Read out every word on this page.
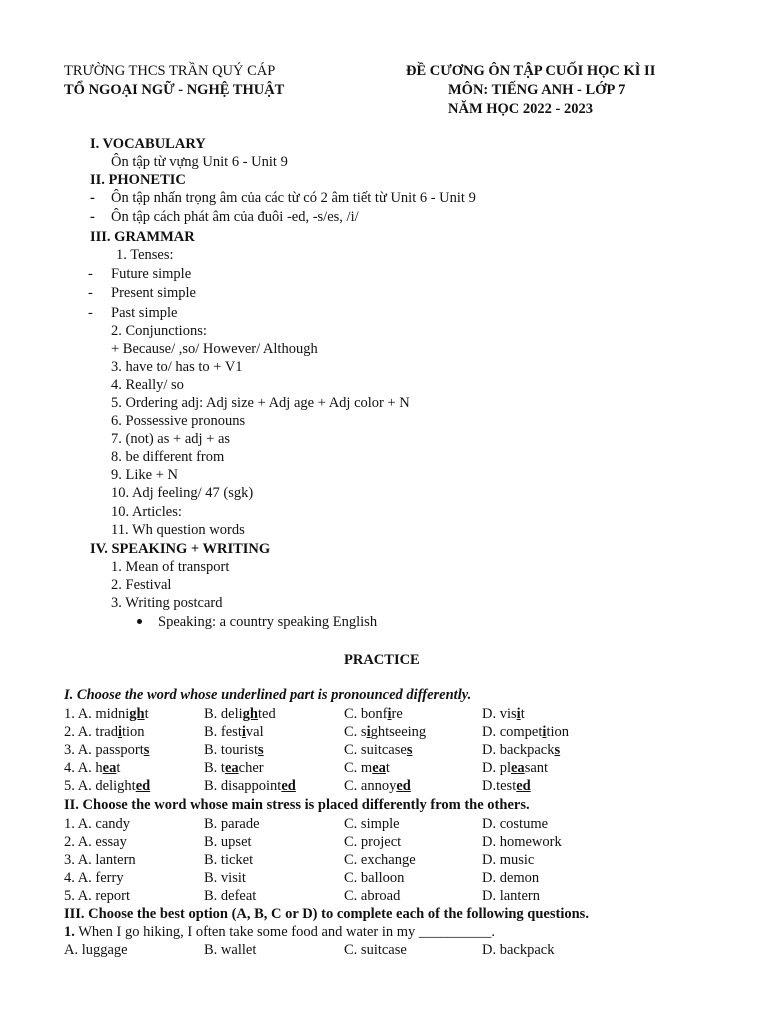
TRƯỜNG THCS TRẦN QUÝ CÁP
TỔ NGOẠI NGỮ - NGHỆ THUẬT
ĐỀ CƯƠNG ÔN TẬP CUỐI HỌC KÌ II
MÔN: TIẾNG ANH - LỚP 7
NĂM HỌC 2022 - 2023
I. VOCABULARY
Ôn tập từ vựng Unit 6 - Unit 9
II. PHONETIC
- Ôn tập nhấn trọng âm của các từ có 2 âm tiết từ Unit 6 - Unit 9
- Ôn tập cách phát âm của đuôi -ed, -s/es, /i/
III. GRAMMAR
1. Tenses:
- Future simple
- Present simple
- Past simple
2. Conjunctions:
+ Because/ ,so/ However/ Although
3. have to/ has to + V1
4. Really/ so
5. Ordering adj: Adj size + Adj age + Adj color + N
6. Possessive pronouns
7. (not) as + adj + as
8. be different from
9. Like + N
10. Adj feeling/ 47 (sgk)
10. Articles:
11. Wh question words
IV. SPEAKING + WRITING
1. Mean of transport
2. Festival
3. Writing postcard
Speaking: a country speaking English
PRACTICE
I. Choose the word whose underlined part is pronounced differently.
1. A. midnight	B. delighted	C. bonfire	D. visit
2. A. tradition	B. festival	C. sightseeing	D. competition
3. A. passports	B. tourists	C. suitcases	D. backpacks
4. A. heat	B. teacher	C. meat	D. pleasant
5. A. delighted	B. disappointed	C. annoyed	D.tested
II. Choose the word whose main stress is placed differently from the others.
1. A. candy	B. parade	C. simple	D. costume
2. A. essay	B. upset	C. project	D. homework
3. A. lantern	B. ticket	C. exchange	D. music
4. A. ferry	B. visit	C. balloon	D. demon
5. A. report	B. defeat	C. abroad	D. lantern
III. Choose the best option (A, B, C or D) to complete each of the following questions.
1. When I go hiking, I often take some food and water in my __________.
A. luggage	B. wallet	C. suitcase	D. backpack
